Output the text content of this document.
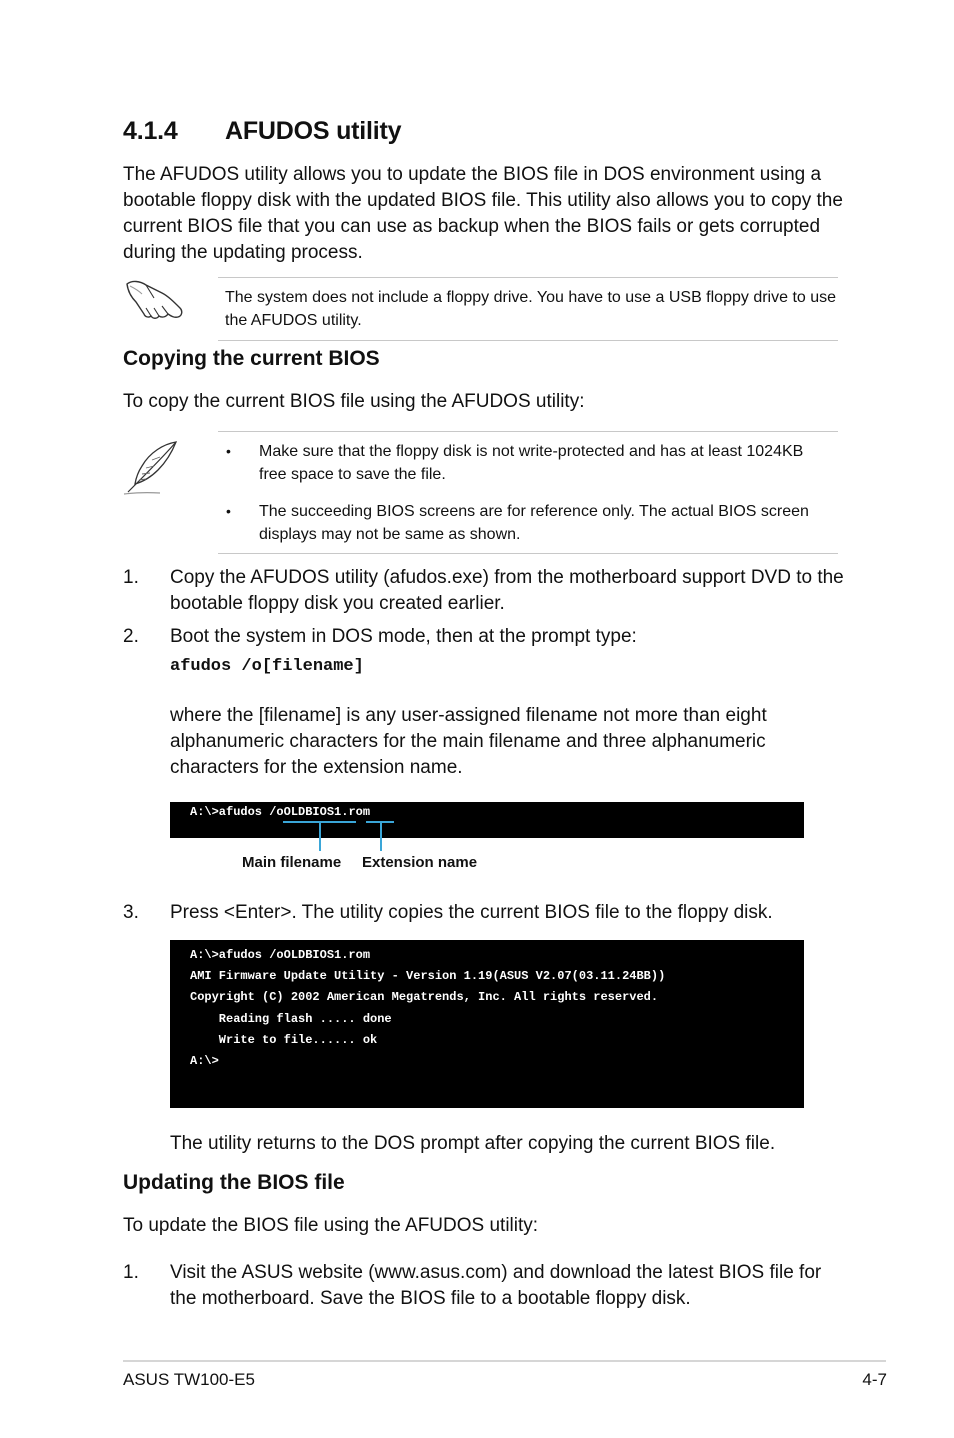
4.1.4 AFUDOS utility
The AFUDOS utility allows you to update the BIOS file in DOS environment using a bootable floppy disk with the updated BIOS file. This utility also allows you to copy the current BIOS file that you can use as backup when the BIOS fails or gets corrupted during the updating process.
The system does not include a floppy drive. You have to use a USB floppy drive to use the AFUDOS utility.
Copying the current BIOS
To copy the current BIOS file using the AFUDOS utility:
• Make sure that the floppy disk is not write-protected and has at least 1024KB free space to save the file.
• The succeeding BIOS screens are for reference only. The actual BIOS screen displays may not be same as shown.
1. Copy the AFUDOS utility (afudos.exe) from the motherboard support DVD to the bootable floppy disk you created earlier.
2. Boot the system in DOS mode, then at the prompt type:
afudos /o[filename]
where the [filename] is any user-assigned filename not more than eight alphanumeric characters for the main filename and three alphanumeric characters for the extension name.
A:\>afudos /oOLDBIOS1.rom
Main filename Extension name
3. Press <Enter>. The utility copies the current BIOS file to the floppy disk.
A:\>afudos /oOLDBIOS1.rom
AMI Firmware Update Utility - Version 1.19(ASUS V2.07(03.11.24BB))
Copyright (C) 2002 American Megatrends, Inc. All rights reserved.
Reading flash ..... done
Write to file...... ok
A:\>
The utility returns to the DOS prompt after copying the current BIOS file.
Updating the BIOS file
To update the BIOS file using the AFUDOS utility:
1. Visit the ASUS website (www.asus.com) and download the latest BIOS file for the motherboard. Save the BIOS file to a bootable floppy disk.
ASUS TW100-E5	4-7
